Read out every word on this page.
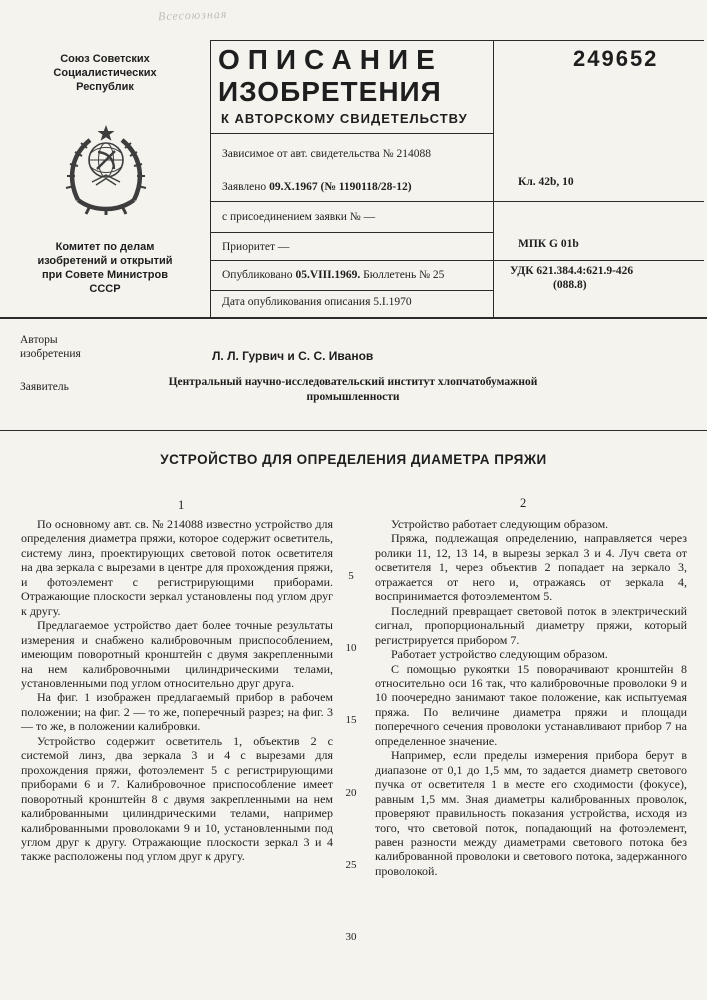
Всесоюзная
Союз Советских
Социалистических
Республик
Комитет по делам
изобретений и открытий
при Совете Министров
СССР
ОПИСАНИЕ
ИЗОБРЕТЕНИЯ
К АВТОРСКОМУ СВИДЕТЕЛЬСТВУ
249652
Зависимое от авт. свидетельства № 214088
Заявлено 09.X.1967 (№ 1190118/28-12)
с присоединением заявки № —
Приоритет —
Опубликовано 05.VIII.1969. Бюллетень № 25
Дата опубликования описания 5.I.1970
Кл. 42b, 10
МПК G 01b
УДК 621.384.4:621.9-426
(088.8)
Авторы
изобретения	Л. Л. Гурвич и С. С. Иванов
Заявитель	Центральный научно-исследовательский институт хлопчатобумажной
промышленности
УСТРОЙСТВО ДЛЯ ОПРЕДЕЛЕНИЯ ДИАМЕТРА ПРЯЖИ
1	2

По основному авт. св. № 214088 известно устройство для определения диаметра пряжи, которое содержит осветитель, систему линз, проектирующих световой поток осветителя на два зеркала с вырезами в центре для прохождения пряжи, и фотоэлемент с регистрирующими приборами. Отражающие плоскости зеркал установлены под углом друг к другу.

Предлагаемое устройство дает более точные результаты измерения и снабжено калибровочным приспособлением, имеющим поворотный кронштейн с двумя закрепленными на нем калибровочными цилиндрическими телами, установленными под углом относительно друг друга.

На фиг. 1 изображен предлагаемый прибор в рабочем положении; на фиг. 2 — то же, поперечный разрез; на фиг. 3 — то же, в положении калибровки.

Устройство содержит осветитель 1, объектив 2 с системой линз, два зеркала 3 и 4 с вырезами для прохождения пряжи, фотоэлемент 5 с регистрирующими приборами 6 и 7. Калибровочное приспособление имеет поворотный кронштейн 8 с двумя закрепленными на нем калиброванными цилиндрическими телами, например калиброванными проволоками 9 и 10, установленными под углом друг к другу. Отражающие плоскости зеркал 3 и 4 также расположены под углом друг к другу.

Устройство работает следующим образом.

Пряжа, подлежащая определению, направляется через ролики 11, 12, 13 14, в вырезы зеркал 3 и 4. Луч света от осветителя 1, через объектив 2 попадает на зеркало 3, отражается от него и, отражаясь от зеркала 4, воспринимается фотоэлементом 5.

Последний превращает световой поток в электрический сигнал, пропорциональный диаметру пряжи, который регистрируется прибором 7.

Работает устройство следующим образом.

С помощью рукоятки 15 поворачивают кронштейн 8 относительно оси 16 так, что калибровочные проволоки 9 и 10 поочередно занимают такое положение, как испытуемая пряжа. По величине диаметра пряжи и площади поперечного сечения проволоки устанавливают прибор 7 на определенное значение.

Например, если пределы измерения прибора берут в диапазоне от 0,1 до 1,5 мм, то задается диаметр светового пучка от осветителя 1 в месте его сходимости (фокусе), равным 1,5 мм. Зная диаметры калиброванных проволок, проверяют правильность показания устройства, исходя из того, что световой поток, попадающий на фотоэлемент, равен разности между диаметрами светового потока без калиброванной проволоки и светового потока, задержанного проволокой.

5
10
15
20
25
30
